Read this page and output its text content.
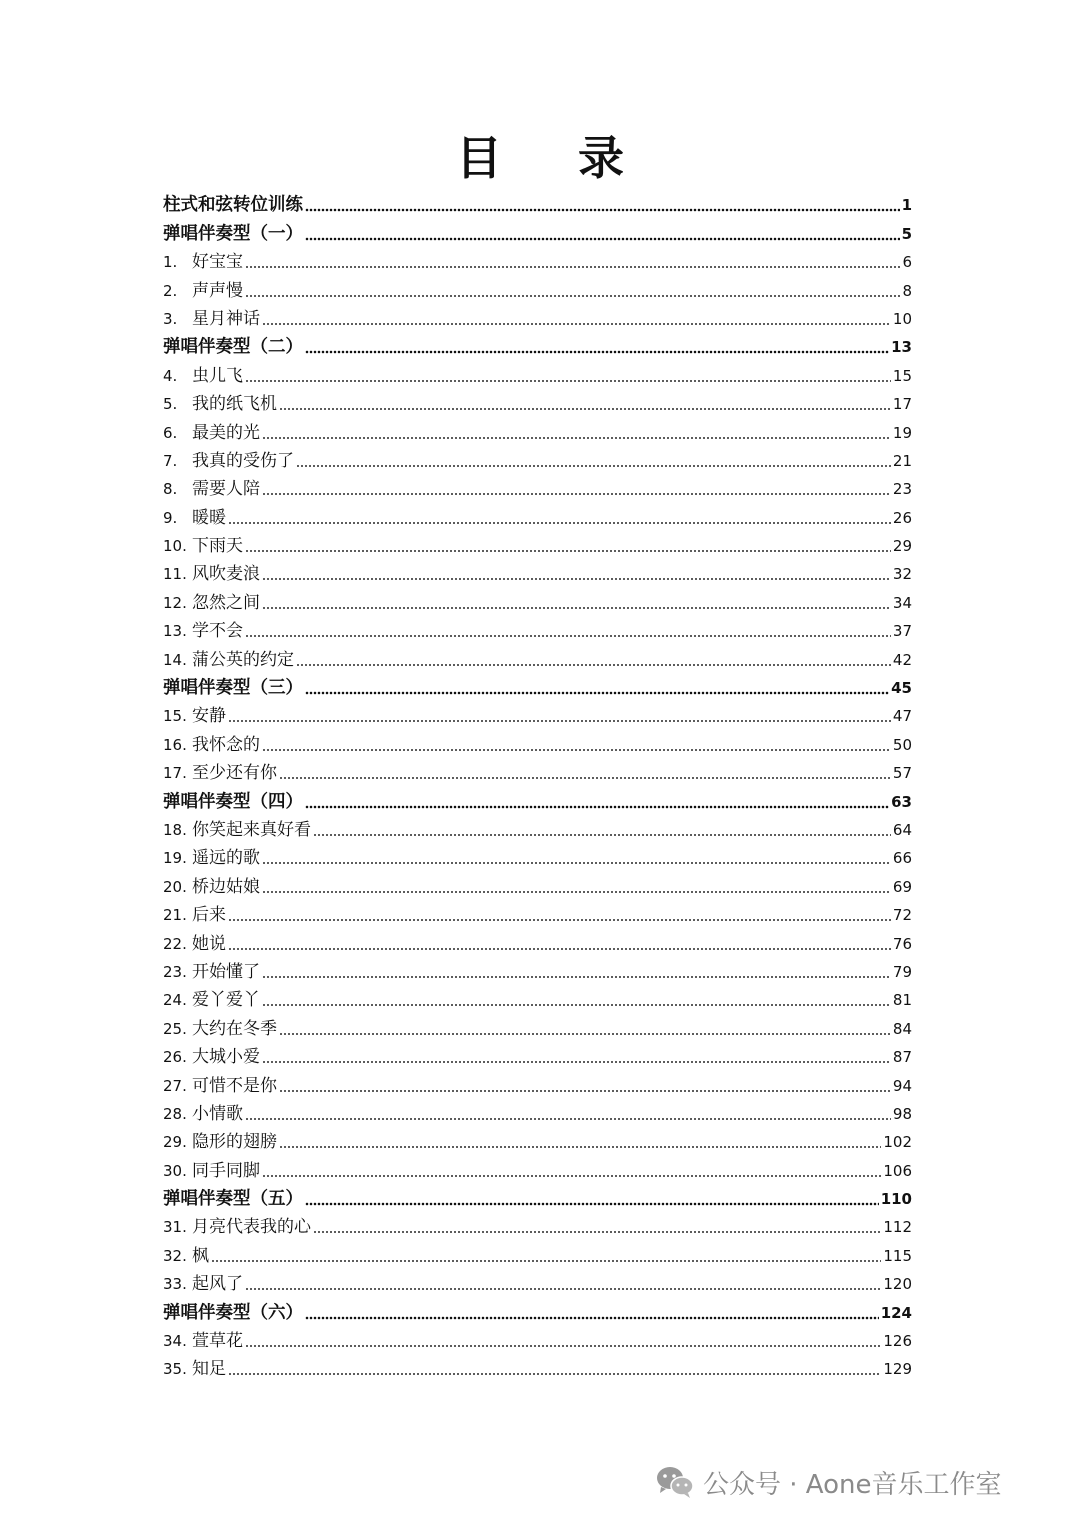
目 录
柱式和弦转位训练	1
弹唱伴奏型（一）	5
1. 好宝宝	6
2. 声声慢	8
3. 星月神话	10
弹唱伴奏型（二）	13
4. 虫儿飞	15
5. 我的纸飞机	17
6. 最美的光	19
7. 我真的受伤了	21
8. 需要人陪	23
9. 暖暖	26
10. 下雨天	29
11. 风吹麦浪	32
12. 忽然之间	34
13. 学不会	37
14. 蒲公英的约定	42
弹唱伴奏型（三）	45
15. 安静	47
16. 我怀念的	50
17. 至少还有你	57
弹唱伴奏型（四）	63
18. 你笑起来真好看	64
19. 遥远的歌	66
20. 桥边姑娘	69
21. 后来	72
22. 她说	76
23. 开始懂了	79
24. 爱丫爱丫	81
25. 大约在冬季	84
26. 大城小爱	87
27. 可惜不是你	94
28. 小情歌	98
29. 隐形的翅膀	102
30. 同手同脚	106
弹唱伴奏型（五）	110
31. 月亮代表我的心	112
32. 枫	115
33. 起风了	120
弹唱伴奏型（六）	124
34. 萱草花	126
35. 知足	129
公众号 · Aone音乐工作室
